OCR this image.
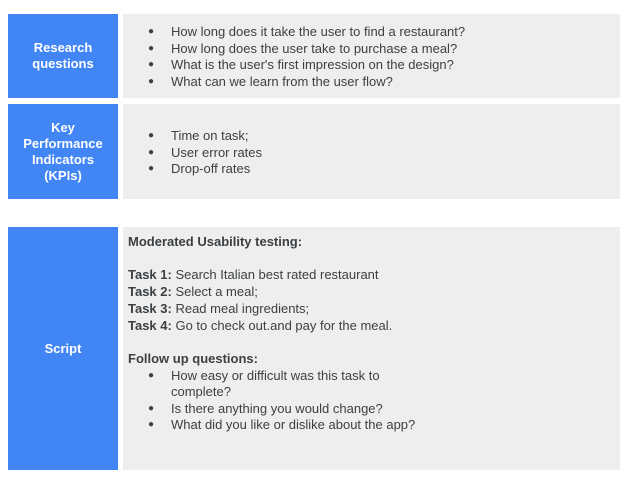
Research questions
● How long does it take the user to find a restaurant?
● How long does the user take to purchase a meal?
● What is the user's first impression on the design?
● What can we learn from the user flow?
Key Performance Indicators (KPIs)
● Time on task;
● User error rates
● Drop-off rates
Script

Moderated Usability testing:

Task 1: Search Italian best rated restaurant

Task 2: Select a meal;

Task 3: Read meal ingredients;

Task 4: Go to check out.and pay for the meal.

Follow up questions:

● How easy or difficult was this task to complete?
● Is there anything you would change?
● What did you like or dislike about the app?
